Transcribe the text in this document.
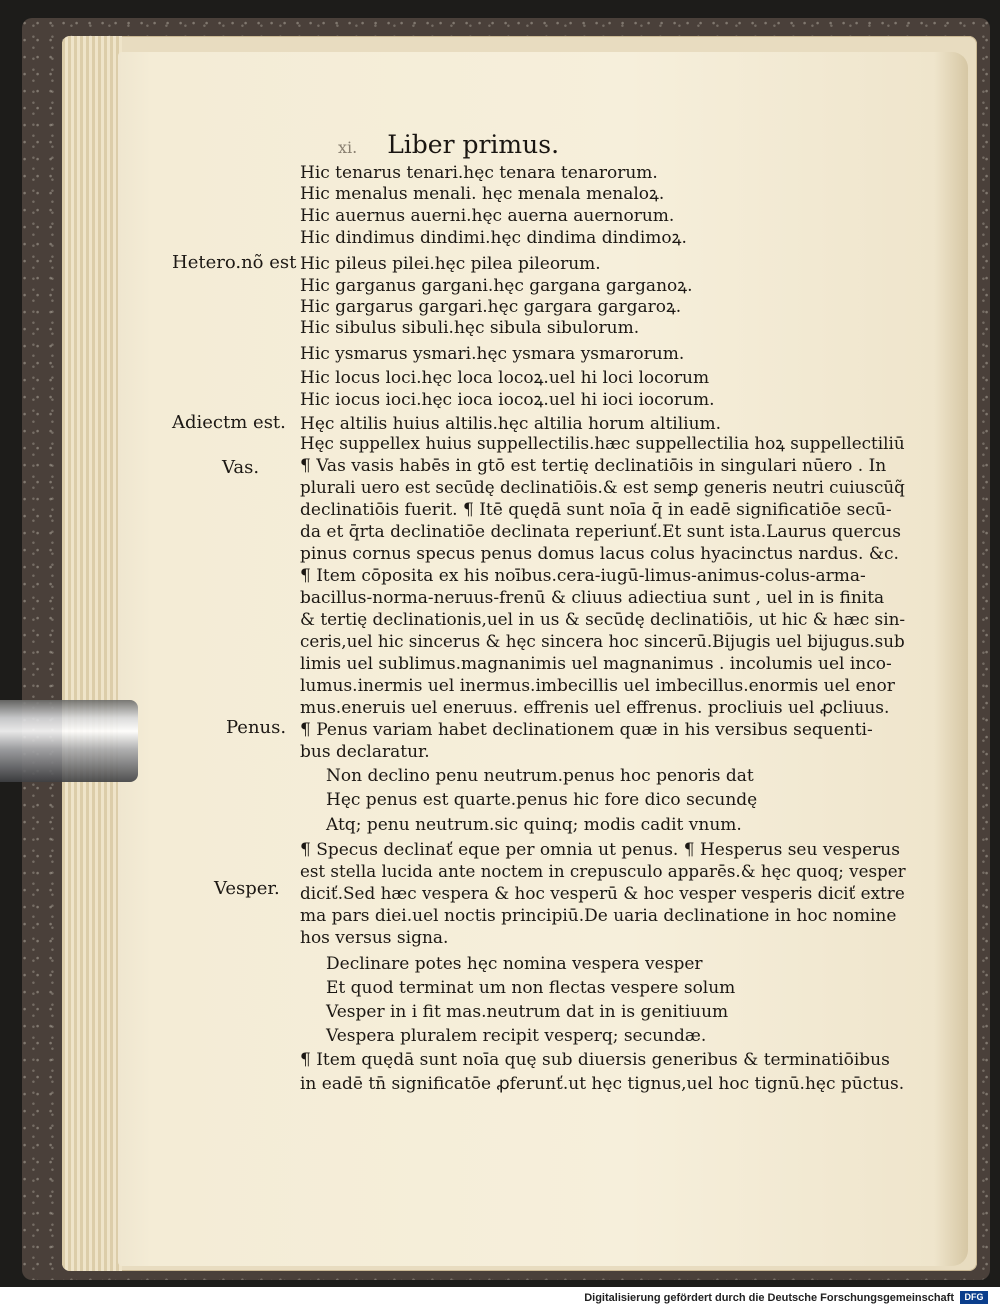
xi. Liber primus.
Hetero.nõ est
Adiectm est.
Vas.
Penus.
Vesper.
Hic tenarus tenari.hęc tenara tenarorum.
Hic menalus menali. hęc menala menaloꝝ.
Hic auernus auerni.hęc auerna auernorum.
Hic dindimus dindimi.hęc dindima dindimoꝝ.
Hic pileus pilei.hęc pilea pileorum.
Hic garganus gargani.hęc gargana garganoꝝ.
Hic gargarus gargari.hęc gargara gargaroꝝ.
Hic sibulus sibuli.hęc sibula sibulorum.
Hic ysmarus ysmari.hęc ysmara ysmarorum.
Hic locus loci.hęc loca locoꝝ.uel hi loci locorum
Hic iocus ioci.hęc ioca iocoꝝ.uel hi ioci iocorum.
Hęc altilis huius altilis.hęc altilia horum altilium.
Hęc suppellex huius suppellectilis.hæc suppellectilia hoꝝ suppellectiliū
¶ Vas vasis habēs in gtō est tertię declinatiōis in singulari nūero . In
plurali uero est secūdę declinatiōis.& est semꝑ generis neutri cuiuscūq̃
declinatiōis fuerit. ¶ Itē quędā sunt noīa q̄ in eadē significatiōe secū‑
da et q̄rta declinatiōe declinata reperiunť.Et sunt ista.Laurus quercus
pinus cornus specus penus domus lacus colus hyacinctus nardus. &c.
¶ Item cōposita ex his noībus.cera‑iugū‑limus‑animus‑colus‑arma‑
bacillus‑norma‑neruus‑frenū & cliuus adiectiua sunt , uel in is finita
& tertię declinationis,uel in us & secūdę declinatiōis, ut hic & hæc sin‑
ceris,uel hic sincerus & hęc sincera hoc sincerū.Bijugis uel bijugus.sub
limis uel sublimus.magnanimis uel magnanimus . incolumis uel inco‑
lumus.inermis uel inermus.imbecillis uel imbecillus.enormis uel enor
mus.eneruis uel eneruus. effrenis uel effrenus. procliuis uel ꝓcliuus.
¶ Penus variam habet declinationem quæ in his versibus sequenti‑
bus declaratur.
Non declino penu neutrum.penus hoc penoris dat
Hęc penus est quarte.penus hic fore dico secundę
Atq; penu neutrum.sic quinq; modis cadit vnum.
¶ Specus declinať eque per omnia ut penus. ¶ Hesperus seu vesperus
est stella lucida ante noctem in crepusculo apparēs.& hęc quoq; vesper
diciť.Sed hæc vespera & hoc vesperū & hoc vesper vesperis diciť extre
ma pars diei.uel noctis principiū.De uaria declinatione in hoc nomine
hos versus signa.
Declinare potes hęc nomina vespera vesper
Et quod terminat um non flectas vespere solum
Vesper in i fit mas.neutrum dat in is genitiuum
Vespera pluralem recipit vesperq; secundæ.
¶ Item quędā sunt noīa quę sub diuersis generibus & terminatiōibus
in eadē tn̄ significatōe ꝓferunť.ut hęc tignus,uel hoc tignū.hęc pūctus.
Digitalisierung gefördert durch die Deutsche Forschungsgemeinschaft	DFG
